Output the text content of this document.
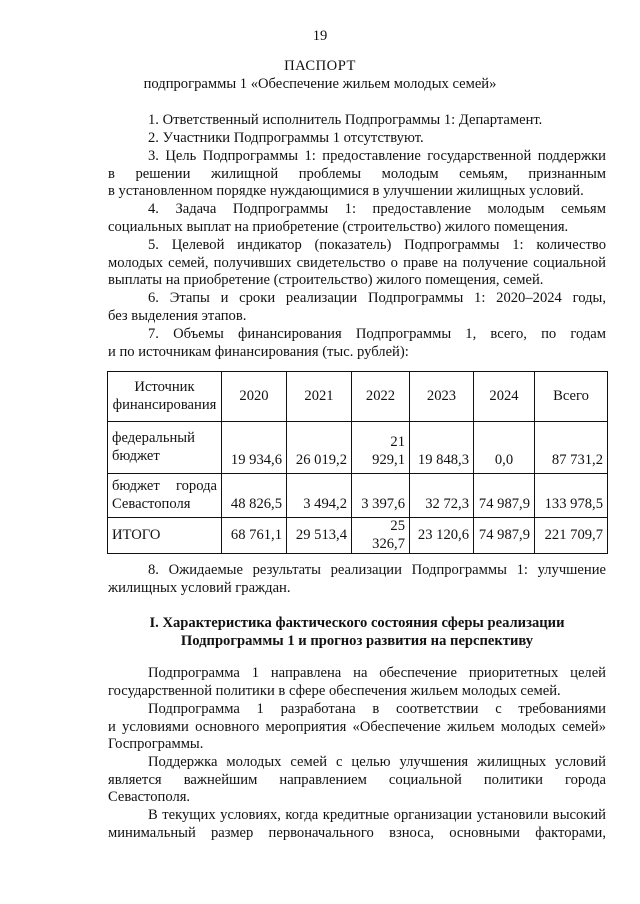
19
ПАСПОРТ
подпрограммы 1 «Обеспечение жильем молодых семей»
1. Ответственный исполнитель Подпрограммы 1: Департамент.
2. Участники Подпрограммы 1 отсутствуют.
3. Цель Подпрограммы 1: предоставление государственной поддержки
в решении жилищной проблемы молодым семьям, признанным
в установленном порядке нуждающимися в улучшении жилищных условий.
4. Задача Подпрограммы 1: предоставление молодым семьям
социальных выплат на приобретение (строительство) жилого помещения.
5. Целевой индикатор (показатель) Подпрограммы 1: количество
молодых семей, получивших свидетельство о праве на получение социальной
выплаты на приобретение (строительство) жилого помещения, семей.
6. Этапы и сроки реализации Подпрограммы 1: 2020–2024 годы,
без выделения этапов.
7. Объемы финансирования Подпрограммы 1, всего, по годам
и по источникам финансирования (тыс. рублей):
Источник
финансирования	2020	2021	2022	2023	2024	Всего

федеральный
бюджет	19 934,6	26 019,2	21 929,1	19 848,3	0,0	87 731,2

бюджет города
Севастополя	48 826,5	3 494,2	3 397,6	32 72,3	74 987,9	133 978,5
ИТОГО	68 761,1	29 513,4	25 326,7	23 120,6	74 987,9	221 709,7
8. Ожидаемые результаты реализации Подпрограммы 1: улучшение
жилищных условий граждан.
I. Характеристика фактического состояния сферы реализации
Подпрограммы 1 и прогноз развития на перспективу
Подпрограмма 1 направлена на обеспечение приоритетных целей
государственной политики в сфере обеспечения жильем молодых семей.
Подпрограмма 1 разработана в соответствии с требованиями
и условиями основного мероприятия «Обеспечение жильем молодых семей»
Госпрограммы.
Поддержка молодых семей с целью улучшения жилищных условий
является важнейшим направлением социальной политики города
Севастополя.
В текущих условиях, когда кредитные организации установили высокий
минимальный размер первоначального взноса, основными факторами,
